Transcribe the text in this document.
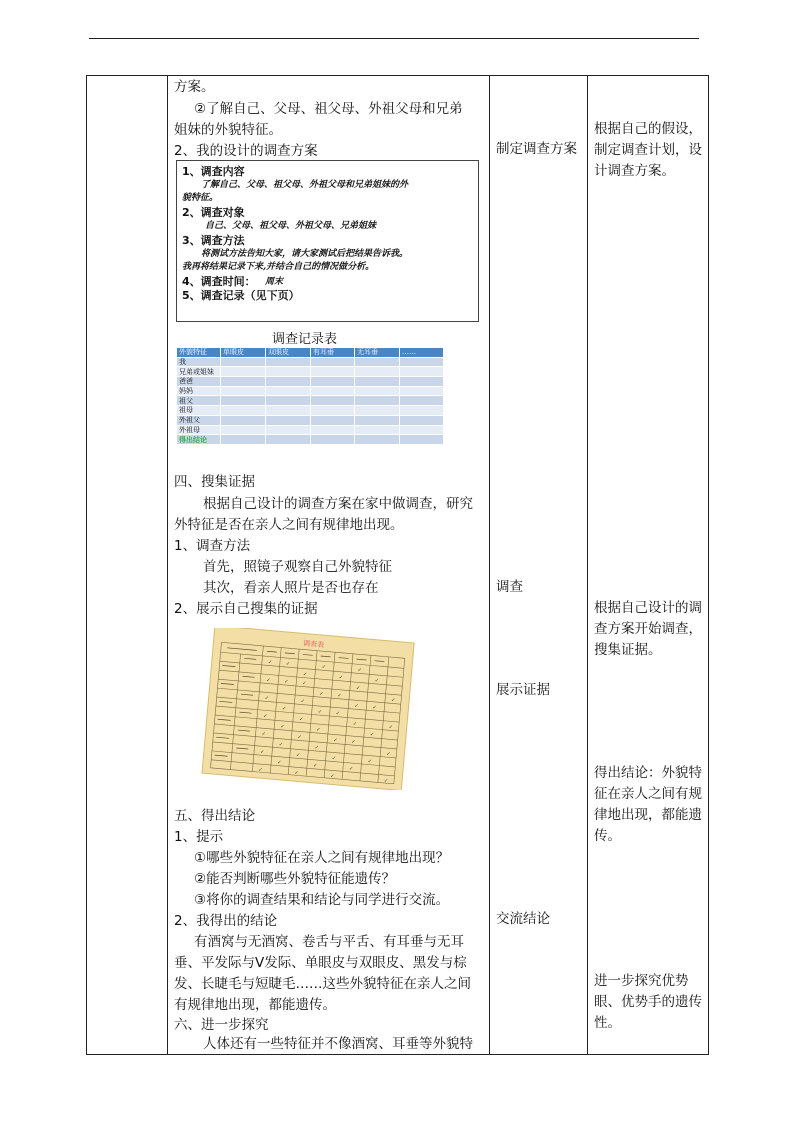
方案。
②了解自己、父母、祖父母、外祖父母和兄弟
姐妹的外貌特征。
2、我的设计的调查方案
1、调查内容
了解自己、父母、祖父母、外祖父母和兄弟姐妹的外
貌特征。
2、调查对象
自己、父母、祖父母、外祖父母、兄弟姐妹
3、调查方法
将测试方法告知大家，请大家测试后把结果告诉我。
我再将结果记录下来,并结合自己的情况做分析。
4、调查时间： 周末
5、调查记录（见下页）
调查记录表
外貌特征	单眼皮	双眼皮	有耳垂	无耳垂	……
我					
兄弟或姐妹					
爸爸					
妈妈					
祖父					
祖母					
外祖父					
外祖母					
得出结论					
四、搜集证据
根据自己设计的调查方案在家中做调查，研究
外特征是否在亲人之间有规律地出现。
1、调查方法
首先，照镜子观察自己外貌特征
其次，看亲人照片是否也存在
2、展示自己搜集的证据
调查表
✓	✓	✓	✓
✓	✓	✓
✓	✓	✓
✓
✓	✓
✓
✓	✓
✓	✓
✓	✓	✓
✓	✓
✓	✓
✓	✓
✓
✓	✓	✓	✓
✓	✓
✓
✓	✓	✓	✓
✓	✓	✓
✓	✓	✓
✓
五、得出结论
1、提示
①哪些外貌特征在亲人之间有规律地出现？
②能否判断哪些外貌特征能遗传？
③将你的调查结果和结论与同学进行交流。
2、我得出的结论
有酒窝与无酒窝、卷舌与平舌、有耳垂与无耳
垂、平发际与V发际、单眼皮与双眼皮、黑发与棕
发、长睫毛与短睫毛……这些外貌特征在亲人之间
有规律地出现，都能遗传。
六、进一步探究
人体还有一些特征并不像酒窝、耳垂等外貌特
制定调查方案
调查
展示证据
交流结论
根据自己的假设，制定调查计划，设计调查方案。
根据自己设计的调查方案开始调查，搜集证据。
得出结论：外貌特征在亲人之间有规律地出现，都能遗传。
进一步探究优势眼、优势手的遗传性。
